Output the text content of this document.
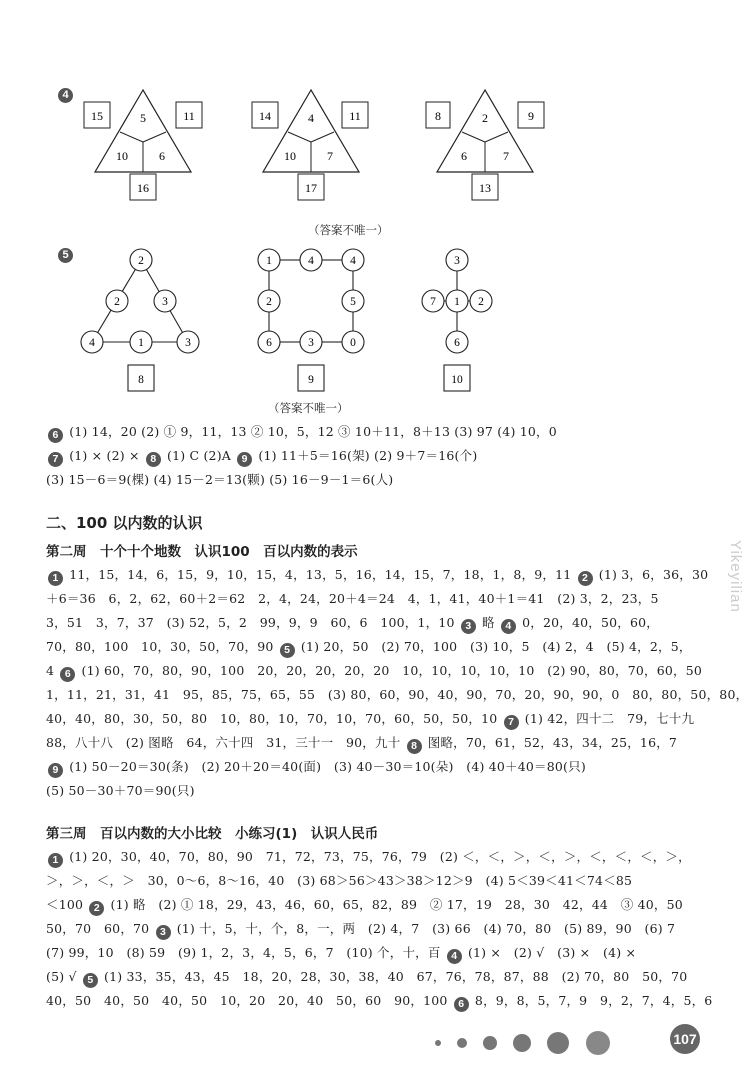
4
15	11
5
10	6
16
14	11
4
10	7
17
8	9
2
6	7
13
（答案不唯一）
5	2
2	3
4	1	3
8
1	4	4
2	5
6	3	0
9
3
7 1 2
6
10
（答案不唯一）
6 (1) 14，20 (2) ① 9，11，13 ② 10，5，12 ③ 10＋11，8＋13 (3) 97 (4) 10，0
7 (1) × (2) × 8 (1) C (2)A 9 (1) 11＋5＝16(架) (2) 9＋7＝16(个)
(3) 15－6＝9(棵) (4) 15－2＝13(颗) (5) 16－9－1＝6(人)
二、100 以内数的认识
第二周　十个十个地数　认识100　百以内数的表示
1 11，15，14，6，15，9，10，15，4，13，5，16，14，15，7，18，1，8，9，11 2 (1) 3，6，36，30
＋6＝36　6，2，62，60＋2＝62　2，4，24，20＋4＝24　4，1，41，40＋1＝41　(2) 3，2，23，5
3，51　3，7，37　(3) 52，5，2　99，9，9　60，6　100，1，10 3 略 4 0，20，40，50，60，
70，80，100　10，30，50，70，90 5 (1) 20，50　(2) 70，100　(3) 10，5　(4) 2，4　(5) 4，2，5，
4 6 (1) 60，70，80，90，100　20，20，20，20，20　10，10，10，10，10　(2) 90，80，70，60，50
1，11，21，31，41　95，85，75，65，55　(3) 80，60，90，40，90，70，20，90，90，0　80，80，50，80，
40，40，80，30，50，80　10，80，10，70，10，70，60，50，50，10 7 (1) 42，四十二　79，七十九
88，八十八　(2) 图略　64，六十四　31，三十一　90，九十 8 图略，70，61，52，43，34，25，16，7
9 (1) 50－20＝30(条)　(2) 20＋20＝40(面)　(3) 40－30＝10(朵)　(4) 40＋40＝80(只)
(5) 50－30＋70＝90(只)
第三周　百以内数的大小比较　小练习(1)　认识人民币
1 (1) 20，30，40，70，80，90　71，72，73，75，76，79　(2) ＜，＜，＞，＜，＞，＜，＜，＜，＞，
＞，＞，＜，＞　30，0～6，8～16，40　(3) 68＞56＞43＞38＞12＞9　(4) 5＜39＜41＜74＜85
＜100 2 (1) 略　(2) ① 18，29，43，46，60，65，82，89　② 17，19　28，30　42，44　③ 40，50
50，70　60，70 3 (1) 十，5，十，个，8，一，两　(2) 4，7　(3) 66　(4) 70，80　(5) 89，90　(6) 7
(7) 99，10　(8) 59　(9) 1，2，3，4，5，6，7　(10) 个，十，百 4 (1) ×　(2) √　(3) ×　(4) ×
(5) √ 5 (1) 33，35，43，45　18，20，28，30，38，40　67，76，78，87，88　(2) 70，80　50，70
40，50　40，50　40，50　10，20　20，40　50，60　90，100 6 8，9，8，5，7，9　9，2，7，4，5，6
Yikeyilian
107
